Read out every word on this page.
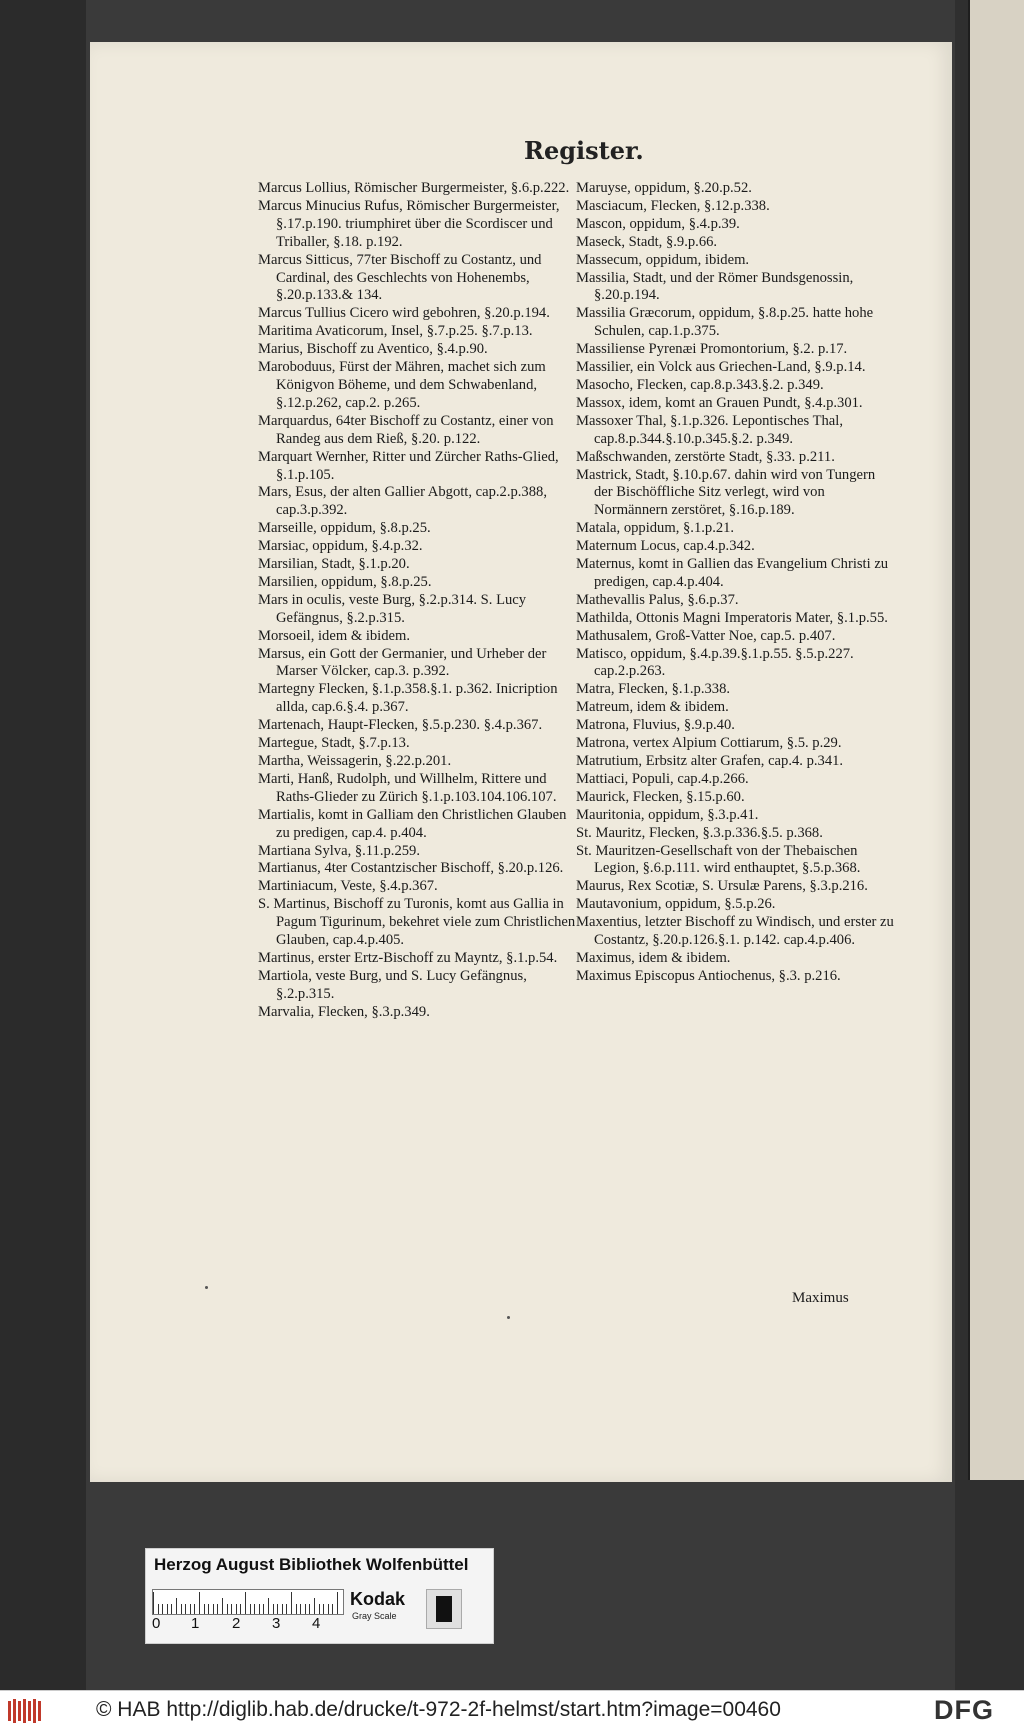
Register.

Marcus Lollius, Römischer Burgermeister, §.6.p.222.

Marcus Minucius Rufus, Römischer Burgermeister, §.17.p.190. triumphiret über die Scordiscer und Triballer, §.18. p.192.

Marcus Sitticus, 77ter Bischoff zu Costantz, und Cardinal, des Geschlechts von Hohenembs, §.20.p.133.& 134.

Marcus Tullius Cicero wird gebohren, §.20.p.194.

Maritima Avaticorum, Insel, §.7.p.25. §.7.p.13.

Marius, Bischoff zu Aventico, §.4.p.90.

Maroboduus, Fürst der Mähren, machet sich zum Königvon Böheme, und dem Schwabenland, §.12.p.262, cap.2. p.265.

Marquardus, 64ter Bischoff zu Costantz, einer von Randeg aus dem Rieß, §.20. p.122.

Marquart Wernher, Ritter und Zürcher Raths-Glied, §.1.p.105.

Mars, Esus, der alten Gallier Abgott, cap.2.p.388, cap.3.p.392.

Marseille, oppidum, §.8.p.25.

Marsiac, oppidum, §.4.p.32.

Marsilian, Stadt, §.1.p.20.

Marsilien, oppidum, §.8.p.25.

Mars in oculis, veste Burg, §.2.p.314. S. Lucy Gefängnus, §.2.p.315.

Morsoeil, idem & ibidem.

Marsus, ein Gott der Germanier, und Urheber der Marser Völcker, cap.3. p.392.

Martegny Flecken, §.1.p.358.§.1. p.362. Inicription allda, cap.6.§.4. p.367.

Martenach, Haupt-Flecken, §.5.p.230. §.4.p.367.

Martegue, Stadt, §.7.p.13.

Martha, Weissagerin, §.22.p.201.

Marti, Hanß, Rudolph, und Willhelm, Rittere und Raths-Glieder zu Zürich §.1.p.103.104.106.107.

Martialis, komt in Galliam den Christlichen Glauben zu predigen, cap.4. p.404.

Martiana Sylva, §.11.p.259.

Martianus, 4ter Costantzischer Bischoff, §.20.p.126.

Martiniacum, Veste, §.4.p.367.

S. Martinus, Bischoff zu Turonis, komt aus Gallia in Pagum Tigurinum, bekehret viele zum Christlichen Glauben, cap.4.p.405.

Martinus, erster Ertz-Bischoff zu Mayntz, §.1.p.54.

Martiola, veste Burg, und S. Lucy Gefängnus, §.2.p.315.

Marvalia, Flecken, §.3.p.349.

Maruyse, oppidum, §.20.p.52.

Masciacum, Flecken, §.12.p.338.

Mascon, oppidum, §.4.p.39.

Maseck, Stadt, §.9.p.66.

Massecum, oppidum, ibidem.

Massilia, Stadt, und der Römer Bundsgenossin, §.20.p.194.

Massilia Græcorum, oppidum, §.8.p.25. hatte hohe Schulen, cap.1.p.375.

Massiliense Pyrenæi Promontorium, §.2. p.17.

Massilier, ein Volck aus Griechen-Land, §.9.p.14.

Masocho, Flecken, cap.8.p.343.§.2. p.349.

Massox, idem, komt an Grauen Pundt, §.4.p.301.

Massoxer Thal, §.1.p.326. Lepontisches Thal, cap.8.p.344.§.10.p.345.§.2. p.349.

Maßschwanden, zerstörte Stadt, §.33. p.211.

Mastrick, Stadt, §.10.p.67. dahin wird von Tungern der Bischöffliche Sitz verlegt, wird von Normännern zerstöret, §.16.p.189.

Matala, oppidum, §.1.p.21.

Maternum Locus, cap.4.p.342.

Maternus, komt in Gallien das Evangelium Christi zu predigen, cap.4.p.404.

Mathevallis Palus, §.6.p.37.

Mathilda, Ottonis Magni Imperatoris Mater, §.1.p.55.

Mathusalem, Groß-Vatter Noe, cap.5. p.407.

Matisco, oppidum, §.4.p.39.§.1.p.55. §.5.p.227. cap.2.p.263.

Matra, Flecken, §.1.p.338.

Matreum, idem & ibidem.

Matrona, Fluvius, §.9.p.40.

Matrona, vertex Alpium Cottiarum, §.5. p.29.

Matrutium, Erbsitz alter Grafen, cap.4. p.341.

Mattiaci, Populi, cap.4.p.266.

Maurick, Flecken, §.15.p.60.

Mauritonia, oppidum, §.3.p.41.

St. Mauritz, Flecken, §.3.p.336.§.5. p.368.

St. Mauritzen-Gesellschaft von der Thebaischen Legion, §.6.p.111. wird enthauptet, §.5.p.368.

Maurus, Rex Scotiæ, S. Ursulæ Parens, §.3.p.216.

Mautavonium, oppidum, §.5.p.26.

Maxentius, letzter Bischoff zu Windisch, und erster zu Costantz, §.20.p.126.§.1. p.142. cap.4.p.406.

Maximus, idem & ibidem.

Maximus Episcopus Antiochenus, §.3. p.216.

Maximus
Herzog August Bibliothek Wolfenbüttel
0 1 2 3 4
Kodak
Gray Scale
© HAB http://diglib.hab.de/drucke/t-972-2f-helmst/start.htm?image=00460	DFG
